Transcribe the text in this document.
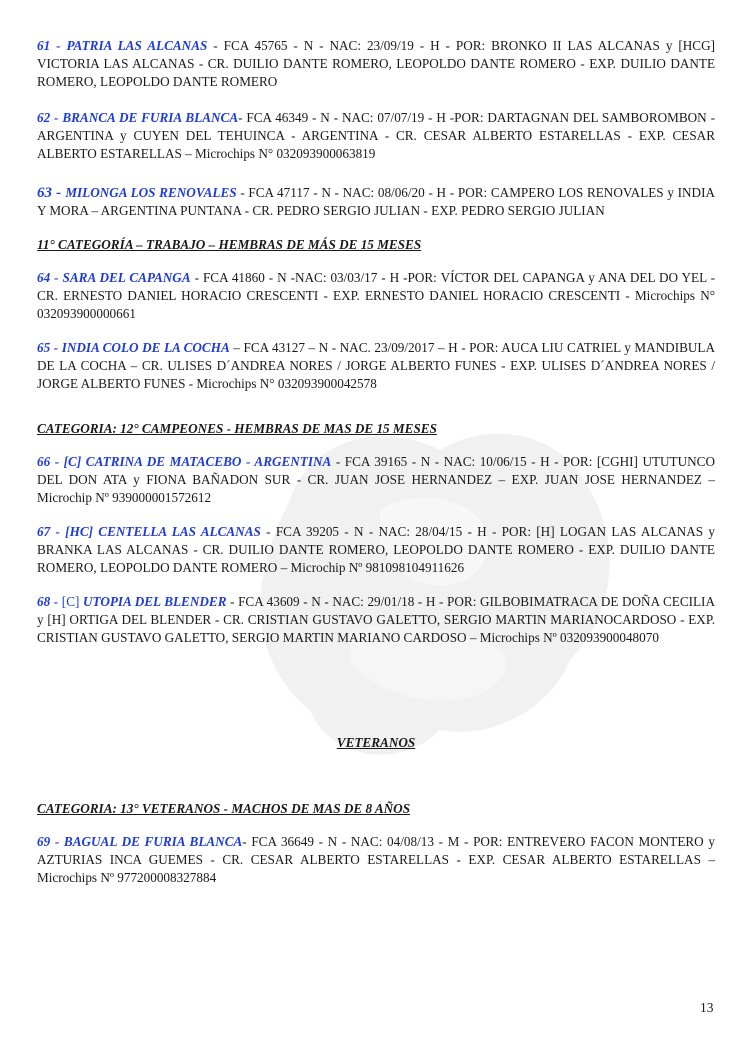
61 - PATRIA LAS ALCANAS - FCA 45765 - N - NAC: 23/09/19 - H - POR: BRONKO II LAS ALCANAS y [HCG] VICTORIA LAS ALCANAS - CR. DUILIO DANTE ROMERO, LEOPOLDO DANTE ROMERO - EXP. DUILIO DANTE ROMERO, LEOPOLDO DANTE ROMERO

62 - BRANCA DE FURIA BLANCA- FCA 46349 - N - NAC: 07/07/19 - H -POR: DARTAGNAN DEL SAMBOROMBON - ARGENTINA y CUYEN DEL TEHUINCA - ARGENTINA - CR. CESAR ALBERTO ESTARELLAS - EXP. CESAR ALBERTO ESTARELLAS – Microchips N° 032093900063819

63 - MILONGA LOS RENOVALES - FCA 47117 - N - NAC: 08/06/20 - H - POR: CAMPERO LOS RENOVALES y INDIA Y MORA – ARGENTINA PUNTANA - CR. PEDRO SERGIO JULIAN - EXP. PEDRO SERGIO JULIAN

11° CATEGORÍA – TRABAJO – HEMBRAS DE MÁS DE 15 MESES

64 - SARA DEL CAPANGA - FCA 41860 - N -NAC: 03/03/17 - H -POR: VÍCTOR DEL CAPANGA y ANA DEL DO YEL - CR. ERNESTO DANIEL HORACIO CRESCENTI - EXP. ERNESTO DANIEL HORACIO CRESCENTI - Microchips N° 032093900000661

65 - INDIA COLO DE LA COCHA – FCA 43127 – N - NAC. 23/09/2017 – H - POR: AUCA LIU CATRIEL y MANDIBULA DE LA COCHA – CR. ULISES D´ANDREA NORES / JORGE ALBERTO FUNES - EXP. ULISES D´ANDREA NORES / JORGE ALBERTO FUNES - Microchips N° 032093900042578

CATEGORIA: 12° CAMPEONES - HEMBRAS DE MAS DE 15 MESES

66 - [C] CATRINA DE MATACEBO - ARGENTINA - FCA 39165 - N - NAC: 10/06/15 - H - POR: [CGHI] UTUTUNCO DEL DON ATA y FIONA BAÑADON SUR - CR. JUAN JOSE HERNANDEZ – EXP. JUAN JOSE HERNANDEZ – Microchip Nº 939000001572612

67 - [HC] CENTELLA LAS ALCANAS - FCA 39205 - N - NAC: 28/04/15 - H - POR: [H] LOGAN LAS ALCANAS y BRANKA LAS ALCANAS - CR. DUILIO DANTE ROMERO, LEOPOLDO DANTE ROMERO - EXP. DUILIO DANTE ROMERO, LEOPOLDO DANTE ROMERO – Microchip Nº 981098104911626

68 - [C] UTOPIA DEL BLENDER - FCA 43609 - N - NAC: 29/01/18 - H - POR: GILBOBIMATRACA DE DOÑA CECILIA y [H] ORTIGA DEL BLENDER - CR. CRISTIAN GUSTAVO GALETTO, SERGIO MARTIN MARIANOCARDOSO - EXP. CRISTIAN GUSTAVO GALETTO, SERGIO MARTIN MARIANO CARDOSO – Microchips Nº 032093900048070

VETERANOS

CATEGORIA: 13° VETERANOS - MACHOS DE MAS DE 8 AÑOS

69 - BAGUAL DE FURIA BLANCA- FCA 36649 - N - NAC: 04/08/13 - M - POR: ENTREVERO FACON MONTERO y AZTURIAS INCA GUEMES - CR. CESAR ALBERTO ESTARELLAS - EXP. CESAR ALBERTO ESTARELLAS – Microchips Nº 977200008327884

13
